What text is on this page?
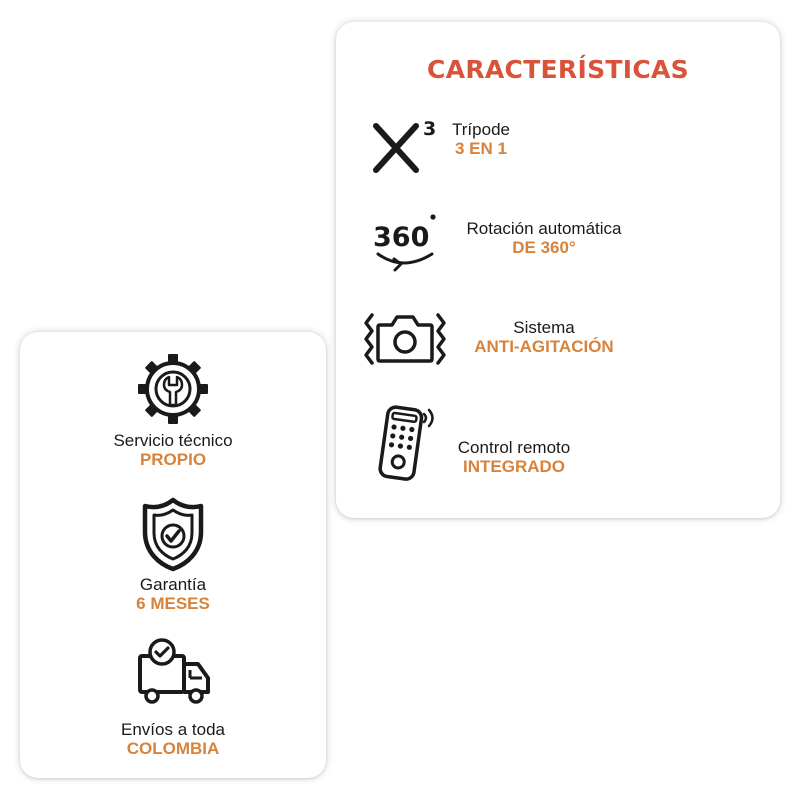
CARACTERÍSTICAS
3 Trípode
3 EN 1
360	Rotación automática
DE 360°
Sistema
ANTI-AGITACIÓN
Control remoto
INTEGRADO
Servicio técnico
PROPIO
Garantía
6 MESES
Envíos a toda
COLOMBIA
